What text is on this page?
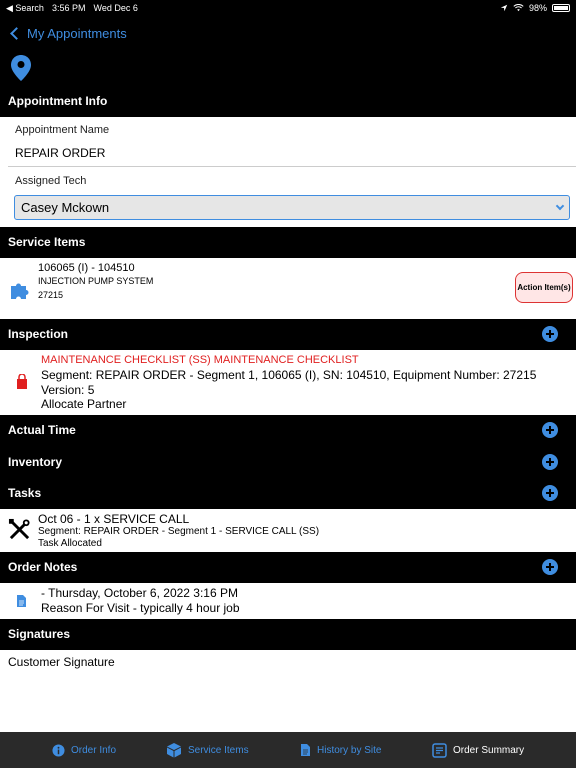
◀ Search 3:56 PM Wed Dec 6	98%
My Appointments
Appointment Info
Appointment Name
REPAIR ORDER
Assigned Tech
Casey Mckown
Service Items
106065 (I) - 104510
INJECTION PUMP SYSTEM
27215
Action Item(s)
Inspection
MAINTENANCE CHECKLIST (SS) MAINTENANCE CHECKLIST
Segment: REPAIR ORDER - Segment 1, 106065 (I), SN: 104510, Equipment Number: 27215
Version: 5
Allocate Partner
Actual Time
Inventory
Tasks
Oct 06 - 1 x SERVICE CALL
Segment: REPAIR ORDER - Segment 1 - SERVICE CALL (SS)
Task Allocated
Order Notes
- Thursday, October 6, 2022 3:16 PM
Reason For Visit - typically 4 hour job
Signatures
Customer Signature
Order Info	Service Items	History by Site	Order Summary
